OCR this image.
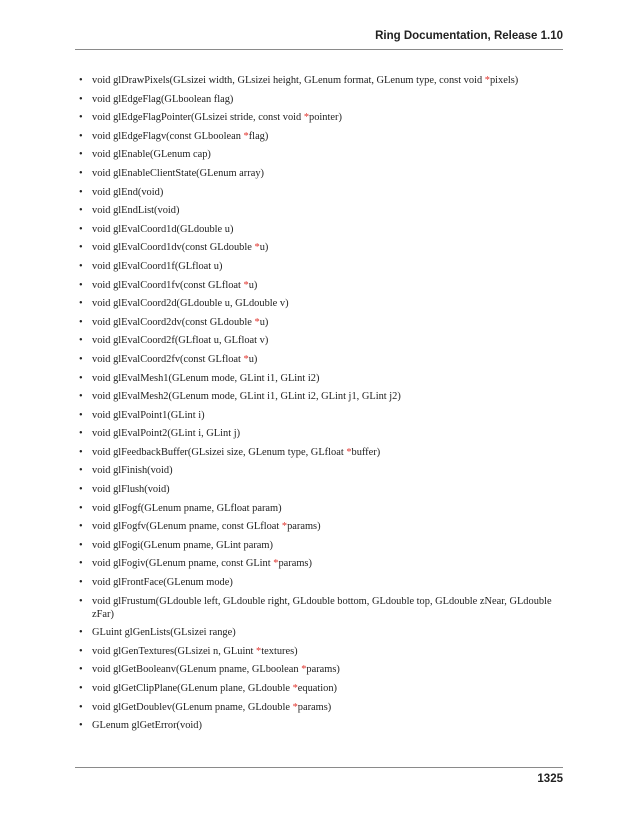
Ring Documentation, Release 1.10
• void glDrawPixels(GLsizei width, GLsizei height, GLenum format, GLenum type, const void *pixels)
• void glEdgeFlag(GLboolean flag)
• void glEdgeFlagPointer(GLsizei stride, const void *pointer)
• void glEdgeFlagv(const GLboolean *flag)
• void glEnable(GLenum cap)
• void glEnableClientState(GLenum array)
• void glEnd(void)
• void glEndList(void)
• void glEvalCoord1d(GLdouble u)
• void glEvalCoord1dv(const GLdouble *u)
• void glEvalCoord1f(GLfloat u)
• void glEvalCoord1fv(const GLfloat *u)
• void glEvalCoord2d(GLdouble u, GLdouble v)
• void glEvalCoord2dv(const GLdouble *u)
• void glEvalCoord2f(GLfloat u, GLfloat v)
• void glEvalCoord2fv(const GLfloat *u)
• void glEvalMesh1(GLenum mode, GLint i1, GLint i2)
• void glEvalMesh2(GLenum mode, GLint i1, GLint i2, GLint j1, GLint j2)
• void glEvalPoint1(GLint i)
• void glEvalPoint2(GLint i, GLint j)
• void glFeedbackBuffer(GLsizei size, GLenum type, GLfloat *buffer)
• void glFinish(void)
• void glFlush(void)
• void glFogf(GLenum pname, GLfloat param)
• void glFogfv(GLenum pname, const GLfloat *params)
• void glFogi(GLenum pname, GLint param)
• void glFogiv(GLenum pname, const GLint *params)
• void glFrontFace(GLenum mode)
• void glFrustum(GLdouble left, GLdouble right, GLdouble bottom, GLdouble top, GLdouble zNear, GLdouble zFar)
• GLuint glGenLists(GLsizei range)
• void glGenTextures(GLsizei n, GLuint *textures)
• void glGetBooleanv(GLenum pname, GLboolean *params)
• void glGetClipPlane(GLenum plane, GLdouble *equation)
• void glGetDoublev(GLenum pname, GLdouble *params)
• GLenum glGetError(void)
1325
